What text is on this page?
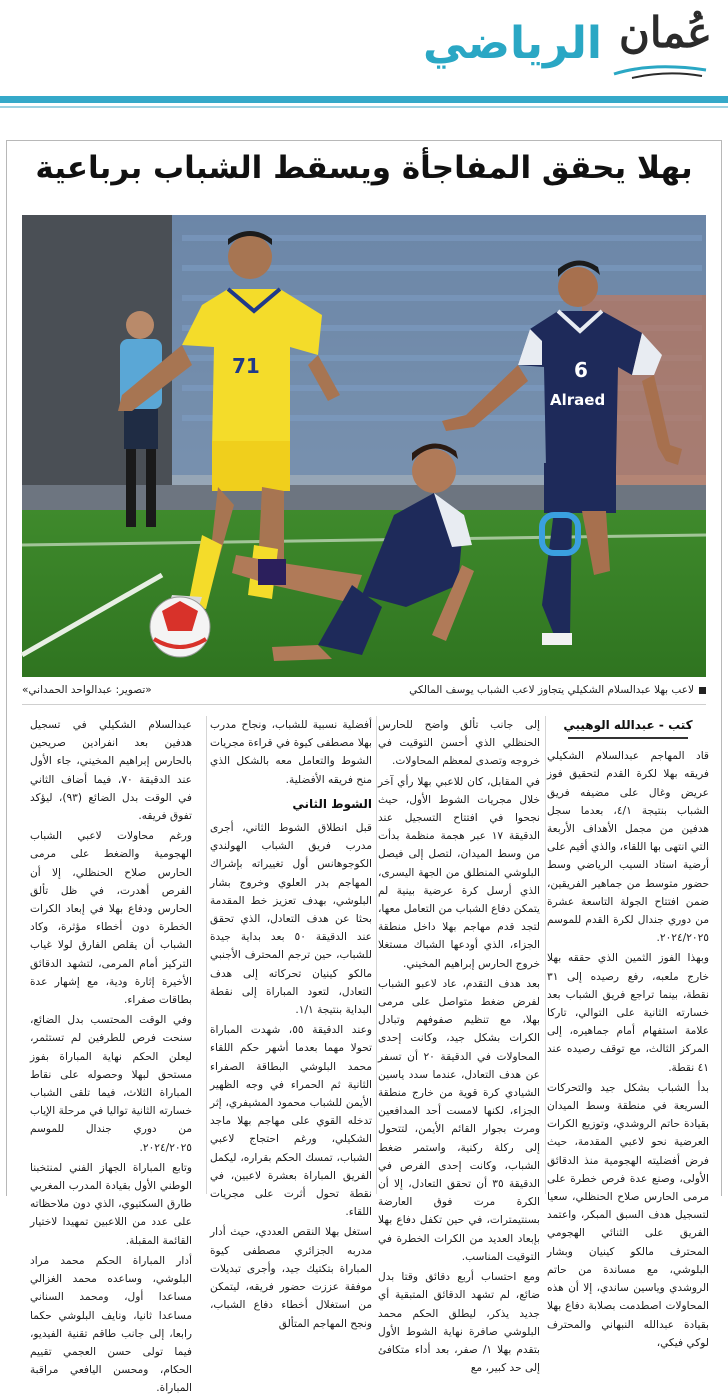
عُمان
الرياضي
بهلا يحقق المفاجأة ويسقط الشباب برباعية
71	6
Alraed
لاعب بهلا عبدالسلام الشكيلي يتجاوز لاعب الشباب يوسف المالكي
«تصوير: عبدالواحد الحمداني»
كتب - عبدالله الوهيبي

قاد المهاجم عبدالسلام الشكيلي فريقه بهلا لكرة القدم لتحقيق فوز عريض وغال على مضيفه فريق الشباب بنتيجة ٤/١، بعدما سجل هدفين من مجمل الأهداف الأربعة التي انتهى بها اللقاء، والذي أقيم على أرضية استاد السيب الرياضي وسط حضور متوسط من جماهير الفريقين، ضمن افتتاح الجولة التاسعة عشرة من دوري جندال لكرة القدم للموسم ٢٠٢٤/٢٠٢٥.

وبهذا الفوز الثمين الذي حققه بهلا خارج ملعبه، رفع رصيده إلى ٣١ نقطة، بينما تراجع فريق الشباب بعد خسارته الثانية على التوالي، تاركا علامة استفهام أمام جماهيره، إلى المركز الثالث، مع توقف رصيده عند ٤١ نقطة.

بدأ الشباب بشكل جيد والتحركات السريعة في منطقة وسط الميدان بقيادة حاتم الروشدي، وتوزيع الكرات العرضية نحو لاعبي المقدمة، حيث فرض أفضليته الهجومية منذ الدقائق الأولى، وصنع عدة فرص خطرة على مرمى الحارس صلاح الحنظلي، سعيا لتسجيل هدف السبق المبكر، واعتمد الفريق على الثنائي الهجومي المحترف مالكو كينيان وبشار البلوشي، مع مساندة من حاتم الروشدي وياسين ساندي، إلا أن هذه المحاولات اصطدمت بصلابة دفاع بهلا بقيادة عبدالله النبهاني والمحترف لوكي فيكي،

إلى جانب تألق واضح للحارس الحنظلي الذي أحسن التوقيت في خروجه وتصدى لمعظم المحاولات.

في المقابل، كان للاعبي بهلا رأي آخر خلال مجريات الشوط الأول، حيث نجحوا في افتتاح التسجيل عند الدقيقة ١٧ عبر هجمة منظمة بدأت من وسط الميدان، لتصل إلى فيصل البلوشي المنطلق من الجهة اليسرى، الذي أرسل كرة عرضية بينية لم يتمكن دفاع الشباب من التعامل معها، لتجد قدم مهاجم بهلا داخل منطقة الجزاء، الذي أودعها الشباك مستغلا خروج الحارس إبراهيم المخيني.

بعد هدف التقدم، عاد لاعبو الشباب لفرض ضغط متواصل على مرمى بهلا، مع تنظيم صفوفهم وتبادل الكرات بشكل جيد، وكانت إحدى المحاولات في الدقيقة ٢٠ أن تسفر عن هدف التعادل، عندما سدد ياسين الشيادي كرة قوية من خارج منطقة الجزاء، لكنها لامست أحد المدافعين ومرت بجوار القائم الأيمن، لتتحول إلى ركلة ركنية، واستمر ضغط الشباب، وكانت إحدى الفرص في الدقيقة ٣٥ أن تحقق التعادل، إلا أن الكرة مرت فوق العارضة بسنتيمترات، في حين تكفل دفاع بهلا بإبعاد العديد من الكرات الخطرة في التوقيت المناسب.

ومع احتساب أربع دقائق وقتا بدل ضائع، لم تشهد الدقائق المتبقية أي جديد يذكر، ليطلق الحكم محمد البلوشي صافرة نهاية الشوط الأول بتقدم بهلا ١/ صفر، بعد أداء متكافئ إلى حد كبير، مع

أفضلية نسبية للشباب، ونجاح مدرب بهلا مصطفى كيوة في قراءة مجريات الشوط والتعامل معه بالشكل الذي منح فريقه الأفضلية.

الشوط الثاني

قبل انطلاق الشوط الثاني، أجرى مدرب فريق الشباب الهولندي الكوجوهانس أول تغييراته بإشراك المهاجم بدر العلوي وخروج بشار البلوشي، بهدف تعزيز خط المقدمة بحثا عن هدف التعادل، الذي تحقق عند الدقيقة ٥٠ بعد بداية جيدة للشباب، حين ترجم المحترف الأجنبي مالكو كينيان تحركاته إلى هدف التعادل، لتعود المباراة إلى نقطة البداية بنتيجة ١/١.

وعند الدقيقة ٥٥، شهدت المباراة تحولا مهما بعدما أشهر حكم اللقاء محمد البلوشي البطاقة الصفراء الثانية ثم الحمراء في وجه الظهير الأيمن للشباب محمود المشيفري، إثر تدخله القوي على مهاجم بهلا ماجد الشكيلي، ورغم احتجاج لاعبي الشباب، تمسك الحكم بقراره، ليكمل الفريق المباراة بعشرة لاعبين، في نقطة تحول أثرت على مجريات اللقاء.

استغل بهلا النقص العددي، حيث أدار مدربه الجزائري مصطفى كيوة المباراة بتكتيك جيد، وأجرى تبديلات موفقة عززت حضور فريقه، ليتمكن من استغلال أخطاء دفاع الشباب، ونجح المهاجم المتألق

عبدالسلام الشكيلي في تسجيل هدفين بعد انفرادين صريحين بالحارس إبراهيم المخيني، جاء الأول عند الدقيقة ٧٠، فيما أضاف الثاني في الوقت بدل الضائع (٩٣)، ليؤكد تفوق فريقه.

ورغم محاولات لاعبي الشباب الهجومية والضغط على مرمى الحارس صلاح الحنظلي، إلا أن الفرص أهدرت، في ظل تألق الحارس ودفاع بهلا في إبعاد الكرات الخطرة دون أخطاء مؤثرة، وكاد الشباب أن يقلص الفارق لولا غياب التركيز أمام المرمى، لتشهد الدقائق الأخيرة إثارة ودية، مع إشهار عدة بطاقات صفراء.

وفي الوقت المحتسب بدل الضائع، سنحت فرص للطرفين لم تستثمر، ليعلن الحكم نهاية المباراة بفوز مستحق لبهلا وحصوله على نقاط المباراة الثلاث، فيما تلقى الشباب خسارته الثانية تواليا في مرحلة الإياب من دوري جندال للموسم ٢٠٢٤/٢٠٢٥.

وتابع المباراة الجهاز الفني لمنتخبنا الوطني الأول بقيادة المدرب المغربي طارق السكتيوي، الذي دون ملاحظاته على عدد من اللاعبين تمهيدا لاختيار القائمة المقبلة.

أدار المباراة الحكم محمد مراد البلوشي، وساعده محمد الغزالي مساعدا أول، ومحمد السناني مساعدا ثانيا، ونايف البلوشي حكما رابعا، إلى جانب طاقم تقنية الفيديو، فيما تولى حسن العجمي تقييم الحكام، ومحسن اليافعي مراقبة المباراة.
